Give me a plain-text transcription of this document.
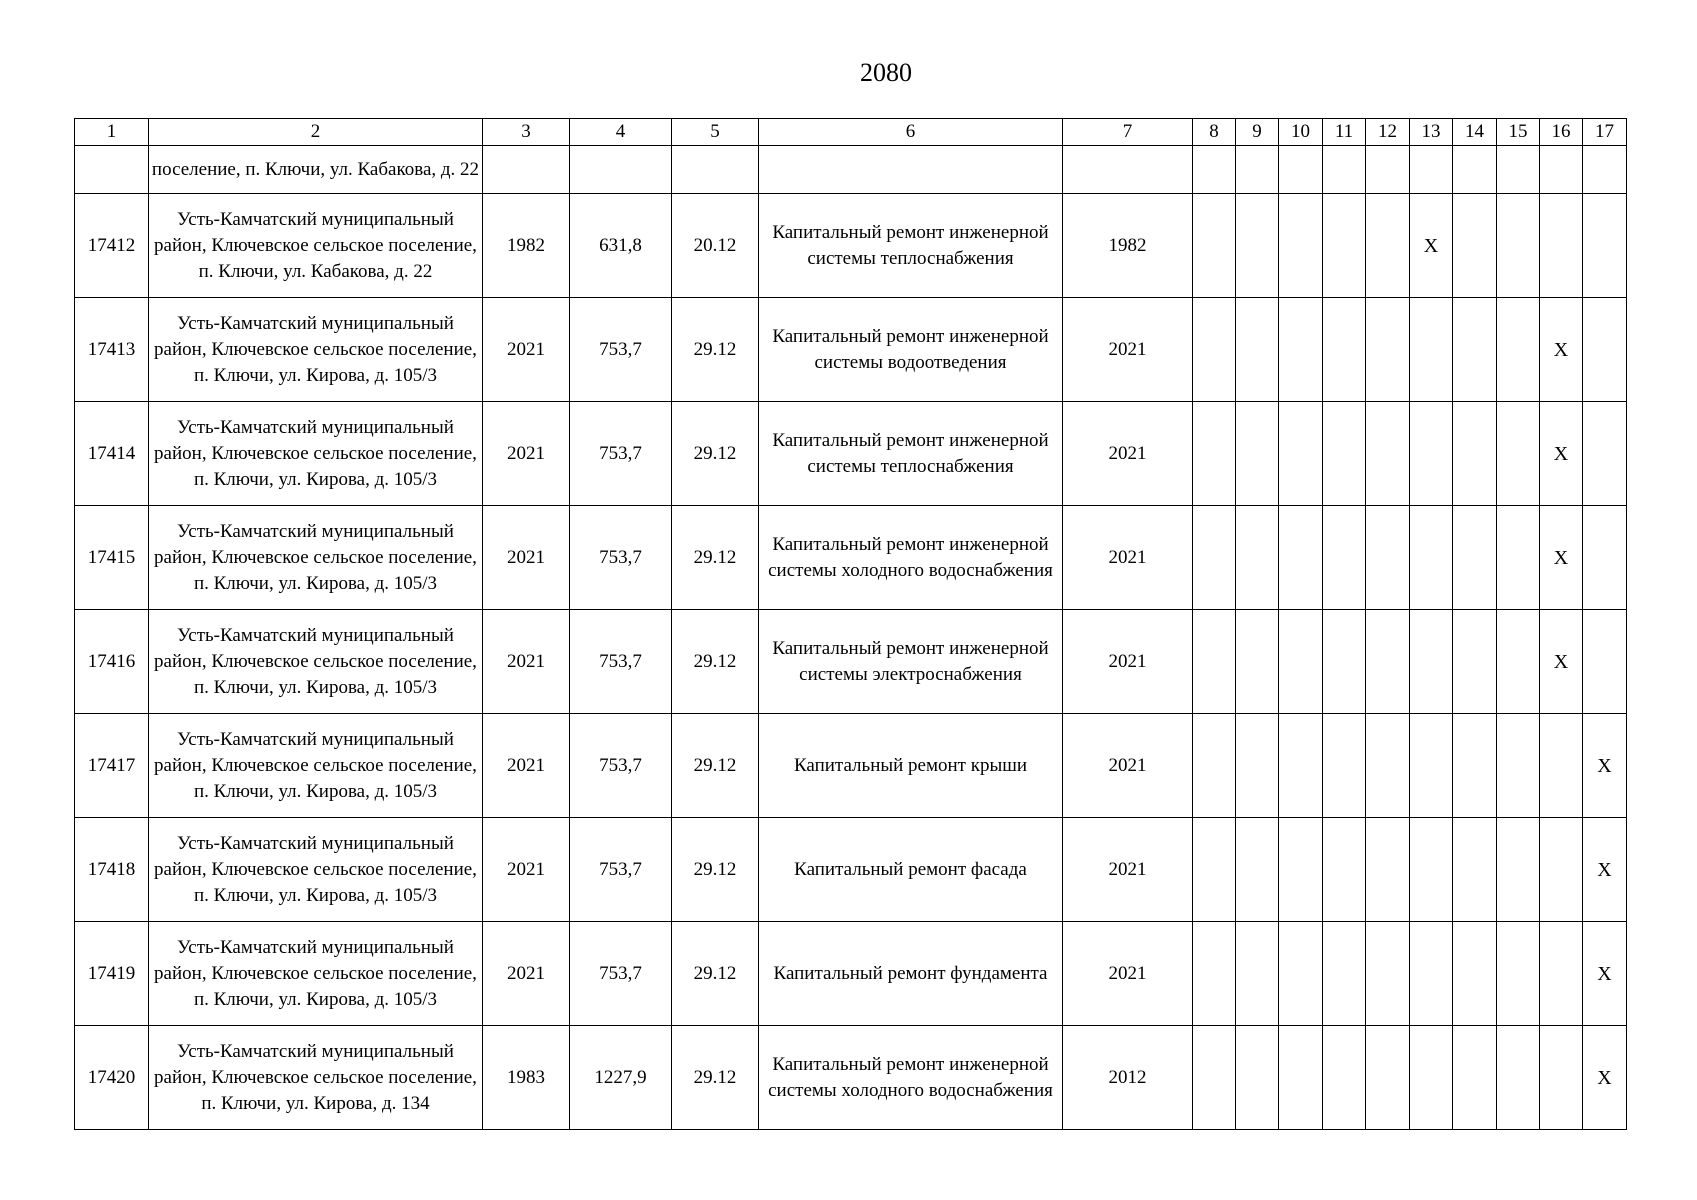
2080
1	2	3	4	5	6	7	8	9	10	11	12	13	14	15	16	17
	поселение, п. Ключи, ул. Кабакова, д. 22															
17412	Усть-Камчатский муниципальный район, Ключевское сельское поселение, п. Ключи, ул. Кабакова, д. 22	1982	631,8	20.12	Капитальный ремонт инженерной системы теплоснабжения	1982						Х				
17413	Усть-Камчатский муниципальный район, Ключевское сельское поселение, п. Ключи, ул. Кирова, д. 105/3	2021	753,7	29.12	Капитальный ремонт инженерной системы водоотведения	2021									Х	
17414	Усть-Камчатский муниципальный район, Ключевское сельское поселение, п. Ключи, ул. Кирова, д. 105/3	2021	753,7	29.12	Капитальный ремонт инженерной системы теплоснабжения	2021									Х	
17415	Усть-Камчатский муниципальный район, Ключевское сельское поселение, п. Ключи, ул. Кирова, д. 105/3	2021	753,7	29.12	Капитальный ремонт инженерной системы холодного водоснабжения	2021									Х	
17416	Усть-Камчатский муниципальный район, Ключевское сельское поселение, п. Ключи, ул. Кирова, д. 105/3	2021	753,7	29.12	Капитальный ремонт инженерной системы электроснабжения	2021									Х	
17417	Усть-Камчатский муниципальный район, Ключевское сельское поселение, п. Ключи, ул. Кирова, д. 105/3	2021	753,7	29.12	Капитальный ремонт крыши	2021										Х
17418	Усть-Камчатский муниципальный район, Ключевское сельское поселение, п. Ключи, ул. Кирова, д. 105/3	2021	753,7	29.12	Капитальный ремонт фасада	2021										Х
17419	Усть-Камчатский муниципальный район, Ключевское сельское поселение, п. Ключи, ул. Кирова, д. 105/3	2021	753,7	29.12	Капитальный ремонт фундамента	2021										Х
17420	Усть-Камчатский муниципальный район, Ключевское сельское поселение, п. Ключи, ул. Кирова, д. 134	1983	1227,9	29.12	Капитальный ремонт инженерной системы холодного водоснабжения	2012										Х
